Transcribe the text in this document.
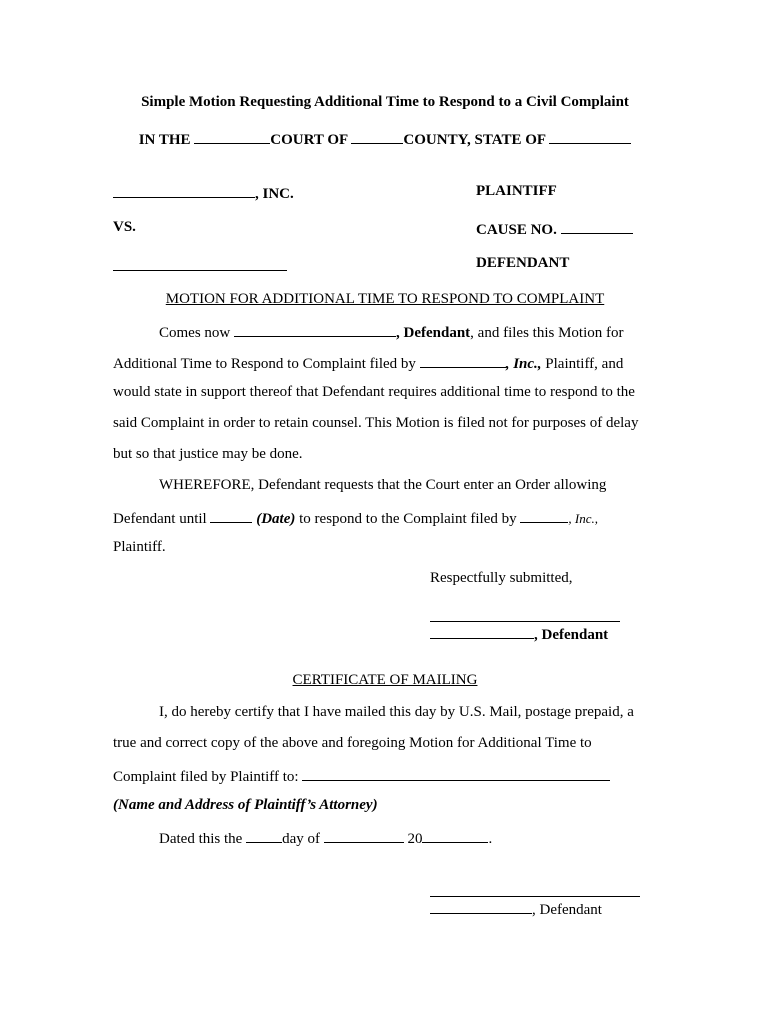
Simple Motion Requesting Additional Time to Respond to a Civil Complaint
IN THE	COURT OF	COUNTY, STATE OF
, INC.	PLAINTIFF
VS.	CAUSE NO.
DEFENDANT
MOTION FOR ADDITIONAL TIME TO RESPOND TO COMPLAINT
Comes now	, Defendant, and files this Motion for
Additional Time to Respond to Complaint filed by	, Inc., Plaintiff, and
would state in support thereof that Defendant requires additional time to respond to the
said Complaint in order to retain counsel. This Motion is filed not for purposes of delay
but so that justice may be done.
WHEREFORE, Defendant requests that the Court enter an Order allowing
Defendant until	(Date) to respond to the Complaint filed by	, Inc.,
Plaintiff.
Respectfully submitted,
, Defendant
CERTIFICATE OF MAILING
I, do hereby certify that I have mailed this day by U.S. Mail, postage prepaid, a
true and correct copy of the above and foregoing Motion for Additional Time to
Complaint filed by Plaintiff to:
(Name and Address of Plaintiff’s Attorney)
Dated this the	day of	20	.
, Defendant
